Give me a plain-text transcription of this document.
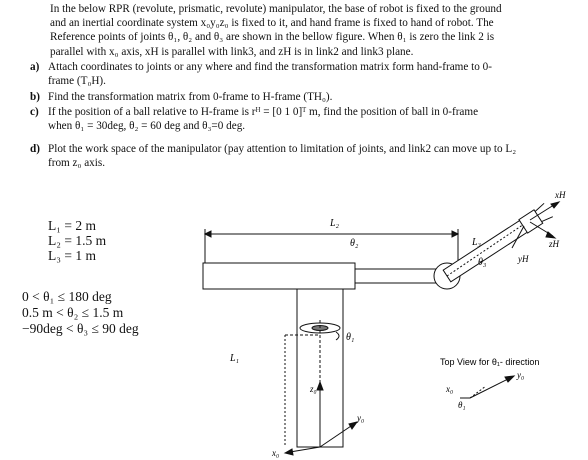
In the below RPR (revolute, prismatic, revolute) manipulator, the base of robot is fixed to the ground
and an inertial coordinate system x₀y₀z₀ is fixed to it, and hand frame is fixed to hand of robot. The
Reference points of joints θ₁, θ₂ and θ₃ are shown in the bellow figure. When θ₁ is zero the link 2 is
parallel with x₀ axis, xH is parallel with link3, and zH is in link2 and link3 plane.
a) Attach coordinates to joints or any where and find the transformation matrix form hand-frame to 0-
frame (T₀H).
b) Find the transformation matrix from 0-frame to H-frame (TH₀).
c) If the position of a ball relative to H-frame is rᴴ = [0 1 0]ᵀ m, find the position of ball in 0-frame
when θ₁ = 30deg, θ₂ = 60 deg and θ₃=0 deg.
d) Plot the work space of the manipulator (pay attention to limitation of joints, and link2 can move up to L₂
from z₀ axis.
L₁ = 2 m
L₂ = 1.5 m
L₃ = 1 m
0 < θ₁ ≤ 180 deg
0.5 m < θ₂ ≤ 1.5 m
−90deg < θ₃ ≤ 90 deg
L₂
θ₂	L₃
θ₃
xH
yH
zH
θ₁
L₁
z₀
y₀
x₀
Top View for θ₁- direction
y₀
x₀
θ₁
